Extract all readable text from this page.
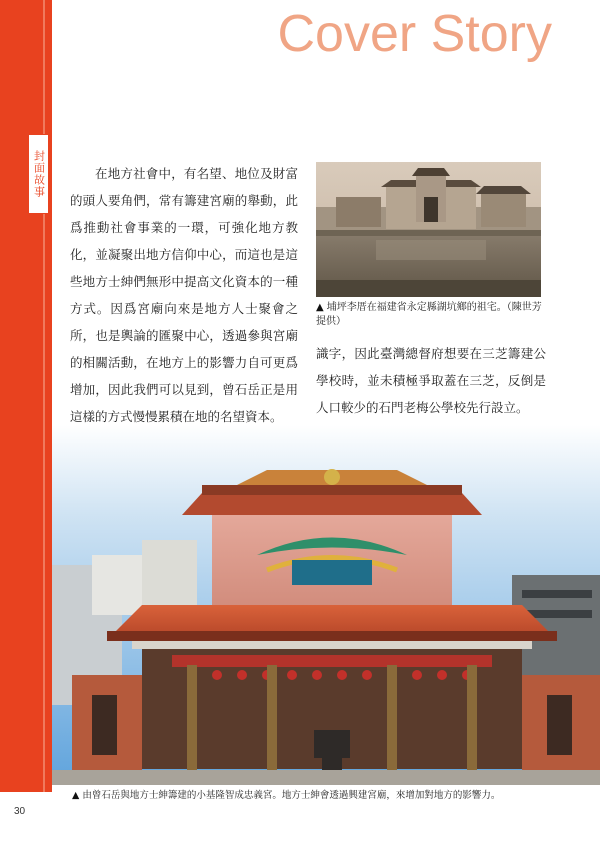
封面故事
Cover Story

在地方社會中，有名望、地位及財富的頭人要角們，常有籌建宮廟的舉動，此爲推動社會事業的一環，可強化地方教化，並凝聚出地方信仰中心，而這也是這些地方士紳們無形中提高文化資本的一種方式。因爲宮廟向來是地方人士聚會之所，也是輿論的匯聚中心，透過參與宮廟的相關活動，在地方上的影響力自可更爲增加，因此我們可以見到，曾石岳正是用這樣的方式慢慢累積在地的名望資本。

▲ 埔坪李厝在福建省永定縣湖坑鄉的祖宅。（陳世芳提供）

識字，因此臺灣總督府想要在三芝籌建公學校時，並未積極爭取蓋在三芝，反倒是人口較少的石門老梅公學校先行設立。

▲ 由曾石岳與地方士紳籌建的小基隆智成忠義宮。地方士紳會透過興建宮廟，來增加對地方的影響力。
30
